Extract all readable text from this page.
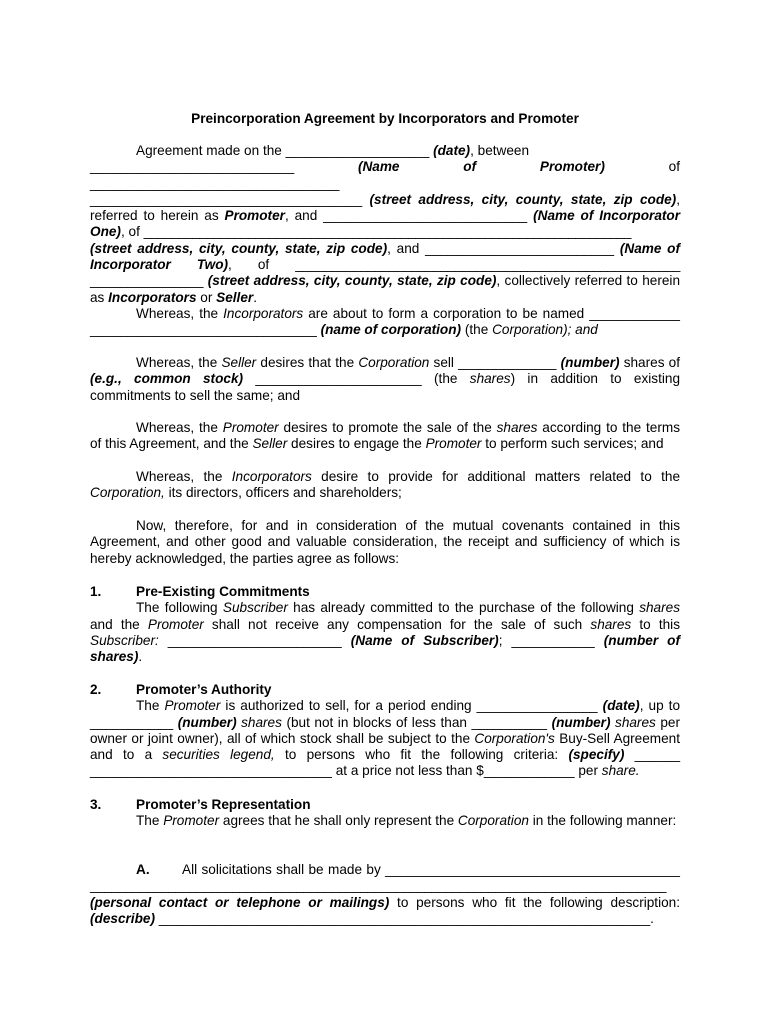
Preincorporation Agreement by Incorporators and Promoter

Agreement made on the ___________________ (date), between
___________________________	(Name of Promoter)	of _________________________________
____________________________________ (street address, city, county, state, zip code), referred to herein as Promoter, and ___________________________ (Name of Incorporator One), of ______________________________________________________________________
(street address, city, county, state, zip code), and _________________________ (Name of Incorporator Two), of _____________________________________________________ _______________ (street address, city, county, state, zip code), collectively referred to herein as Incorporators or Seller.

Whereas, the Incorporators are about to form a corporation to be named ____________ ______________________________ (name of corporation) (the Corporation); and

Whereas, the Seller desires that the Corporation sell _____________ (number) shares of (e.g., common stock) ______________________ (the shares) in addition to existing commitments to sell the same; and

Whereas, the Promoter desires to promote the sale of the shares according to the terms of this Agreement, and the Seller desires to engage the Promoter to perform such services; and

Whereas, the Incorporators desire to provide for additional matters related to the Corporation, its directors, officers and shareholders;

Now, therefore, for and in consideration of the mutual covenants contained in this Agreement, and other good and valuable consideration, the receipt and sufficiency of which is hereby acknowledged, the parties agree as follows:

1.	Pre-Existing Commitments
The following Subscriber has already committed to the purchase of the following shares and the Promoter shall not receive any compensation for the sale of such shares to this Subscriber: _______________________ (Name of Subscriber); ___________ (number of shares).

2.	Promoter’s Authority
The Promoter is authorized to sell, for a period ending ________________ (date), up to ___________ (number) shares (but not in blocks of less than __________ (number) shares per owner or joint owner), all of which stock shall be subject to the Corporation's Buy-Sell Agreement and to a securities legend, to persons who fit the following criteria: (specify) ______ ________________________________ at a price not less than $____________ per share.

3.	Promoter’s Representation
The Promoter agrees that he shall only represent the Corporation in the following manner:

A. All solicitations shall be made by _______________________________________ _________________________________________________________________________________ (personal contact or telephone or mailings) to persons who fit the following description: (describe) _________________________________________________________________.
